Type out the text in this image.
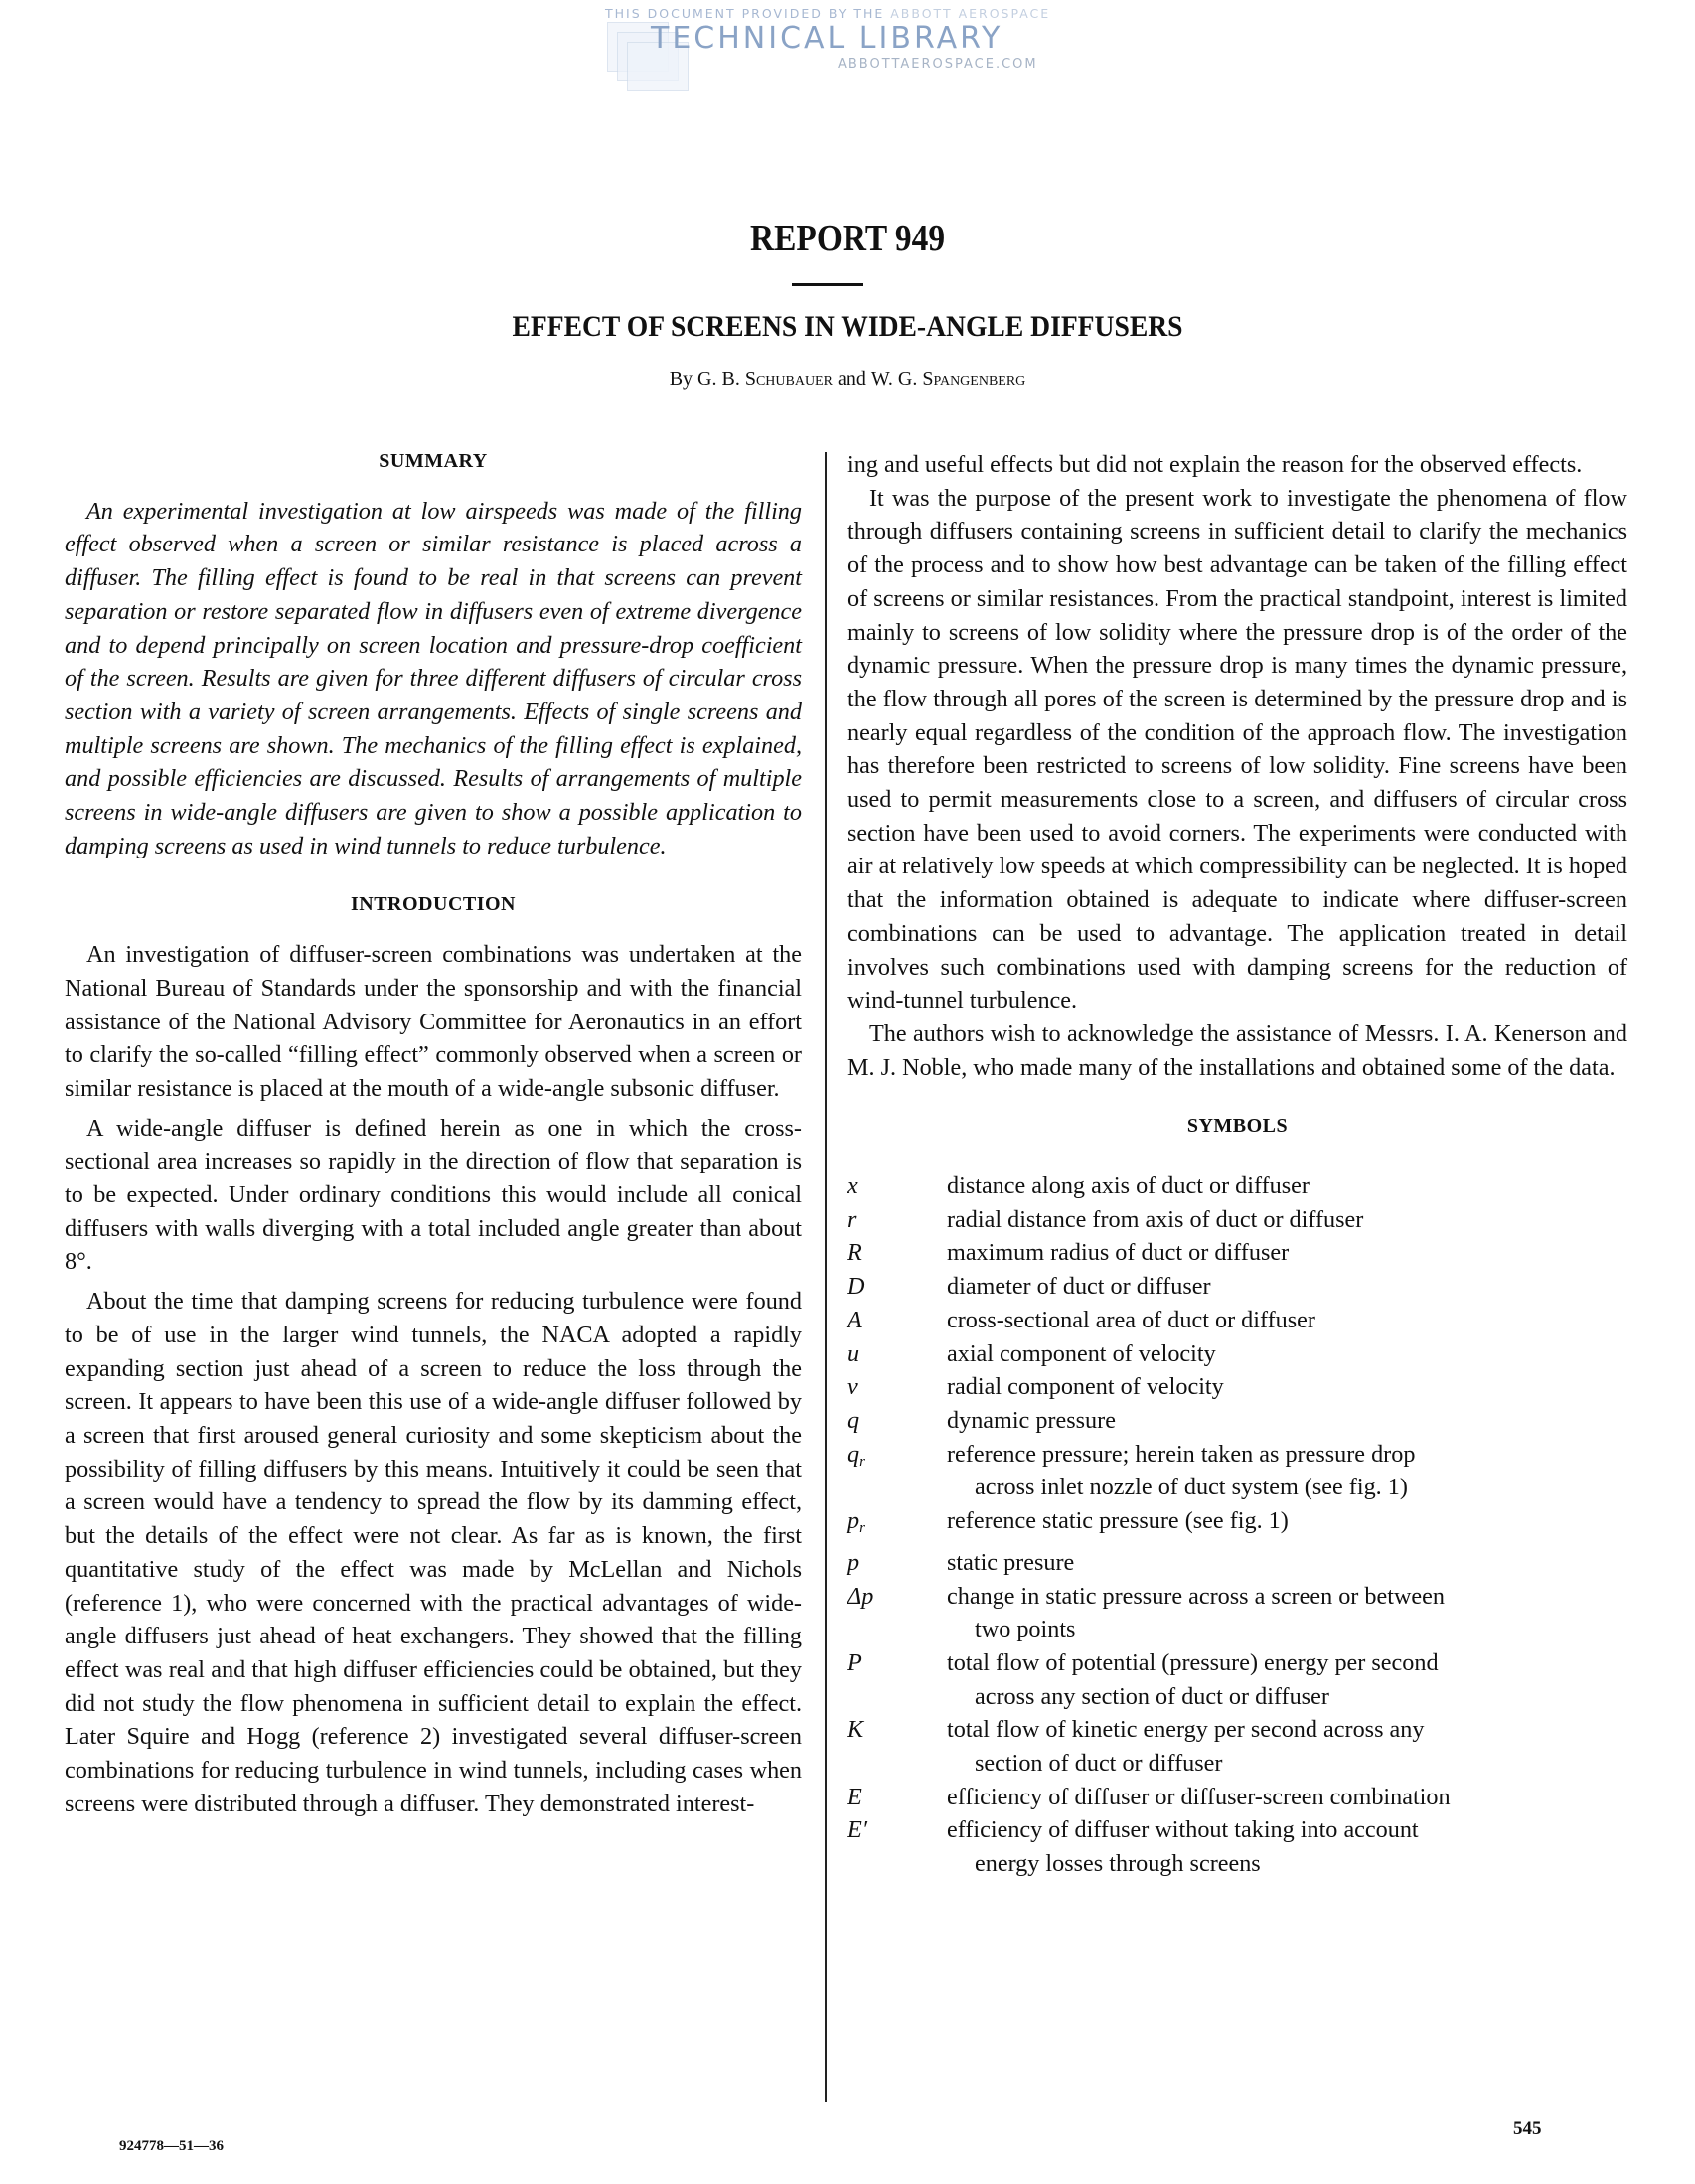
THIS DOCUMENT PROVIDED BY THE ABBOTT AEROSPACE
TECHNICAL LIBRARY
ABBOTTAEROSPACE.COM
REPORT 949
EFFECT OF SCREENS IN WIDE-ANGLE DIFFUSERS
By G. B. Schubauer and W. G. Spangenberg
SUMMARY

An experimental investigation at low airspeeds was made of the filling effect observed when a screen or similar resistance is placed across a diffuser. The filling effect is found to be real in that screens can prevent separation or restore separated flow in diffusers even of extreme divergence and to depend principally on screen location and pressure-drop coefficient of the screen. Results are given for three different diffusers of circular cross section with a variety of screen arrangements. Effects of single screens and multiple screens are shown. The mechanics of the filling effect is explained, and possible efficiencies are discussed. Results of arrangements of multiple screens in wide-angle diffusers are given to show a possible application to damping screens as used in wind tunnels to reduce turbulence.

INTRODUCTION

An investigation of diffuser-screen combinations was undertaken at the National Bureau of Standards under the sponsorship and with the financial assistance of the National Advisory Committee for Aeronautics in an effort to clarify the so-called “filling effect” commonly observed when a screen or similar resistance is placed at the mouth of a wide-angle subsonic diffuser.

A wide-angle diffuser is defined herein as one in which the cross-sectional area increases so rapidly in the direction of flow that separation is to be expected. Under ordinary conditions this would include all conical diffusers with walls diverging with a total included angle greater than about 8°.

About the time that damping screens for reducing turbulence were found to be of use in the larger wind tunnels, the NACA adopted a rapidly expanding section just ahead of a screen to reduce the loss through the screen. It appears to have been this use of a wide-angle diffuser followed by a screen that first aroused general curiosity and some skepticism about the possibility of filling diffusers by this means. Intuitively it could be seen that a screen would have a tendency to spread the flow by its damming effect, but the details of the effect were not clear. As far as is known, the first quantitative study of the effect was made by McLellan and Nichols (reference 1), who were concerned with the practical advantages of wide-angle diffusers just ahead of heat exchangers. They showed that the filling effect was real and that high diffuser efficiencies could be obtained, but they did not study the flow phenomena in sufficient detail to explain the effect. Later Squire and Hogg (reference 2) investigated several diffuser-screen combinations for reducing turbulence in wind tunnels, including cases when screens were distributed through a diffuser. They demonstrated interest-

ing and useful effects but did not explain the reason for the observed effects.

It was the purpose of the present work to investigate the phenomena of flow through diffusers containing screens in sufficient detail to clarify the mechanics of the process and to show how best advantage can be taken of the filling effect of screens or similar resistances. From the practical standpoint, interest is limited mainly to screens of low solidity where the pressure drop is of the order of the dynamic pressure. When the pressure drop is many times the dynamic pressure, the flow through all pores of the screen is determined by the pressure drop and is nearly equal regardless of the condition of the approach flow. The investigation has therefore been restricted to screens of low solidity. Fine screens have been used to permit measurements close to a screen, and diffusers of circular cross section have been used to avoid corners. The experiments were conducted with air at relatively low speeds at which compressibility can be neglected. It is hoped that the information obtained is adequate to indicate where diffuser-screen combinations can be used to advantage. The application treated in detail involves such combinations used with damping screens for the reduction of wind-tunnel turbulence.

The authors wish to acknowledge the assistance of Messrs. I. A. Kenerson and M. J. Noble, who made many of the installations and obtained some of the data.

SYMBOLS
x	distance along axis of duct or diffuser
r	radial distance from axis of duct or diffuser
R	maximum radius of duct or diffuser
D	diameter of duct or diffuser
A	cross-sectional area of duct or diffuser
u	axial component of velocity
v	radial component of velocity
q	dynamic pressure
$q_r$	reference pressure; herein taken as pressure drop
across inlet nozzle of duct system (see fig. 1)
$p_r$	reference static pressure (see fig. 1)
p	static presure
Δp	change in static pressure across a screen or between
two points
P	total flow of potential (pressure) energy per second
across any section of duct or diffuser
K	total flow of kinetic energy per second across any
section of duct or diffuser
E	efficiency of diffuser or diffuser-screen combination
E′	efficiency of diffuser without taking into account
energy losses through screens
924778—51—36
545
